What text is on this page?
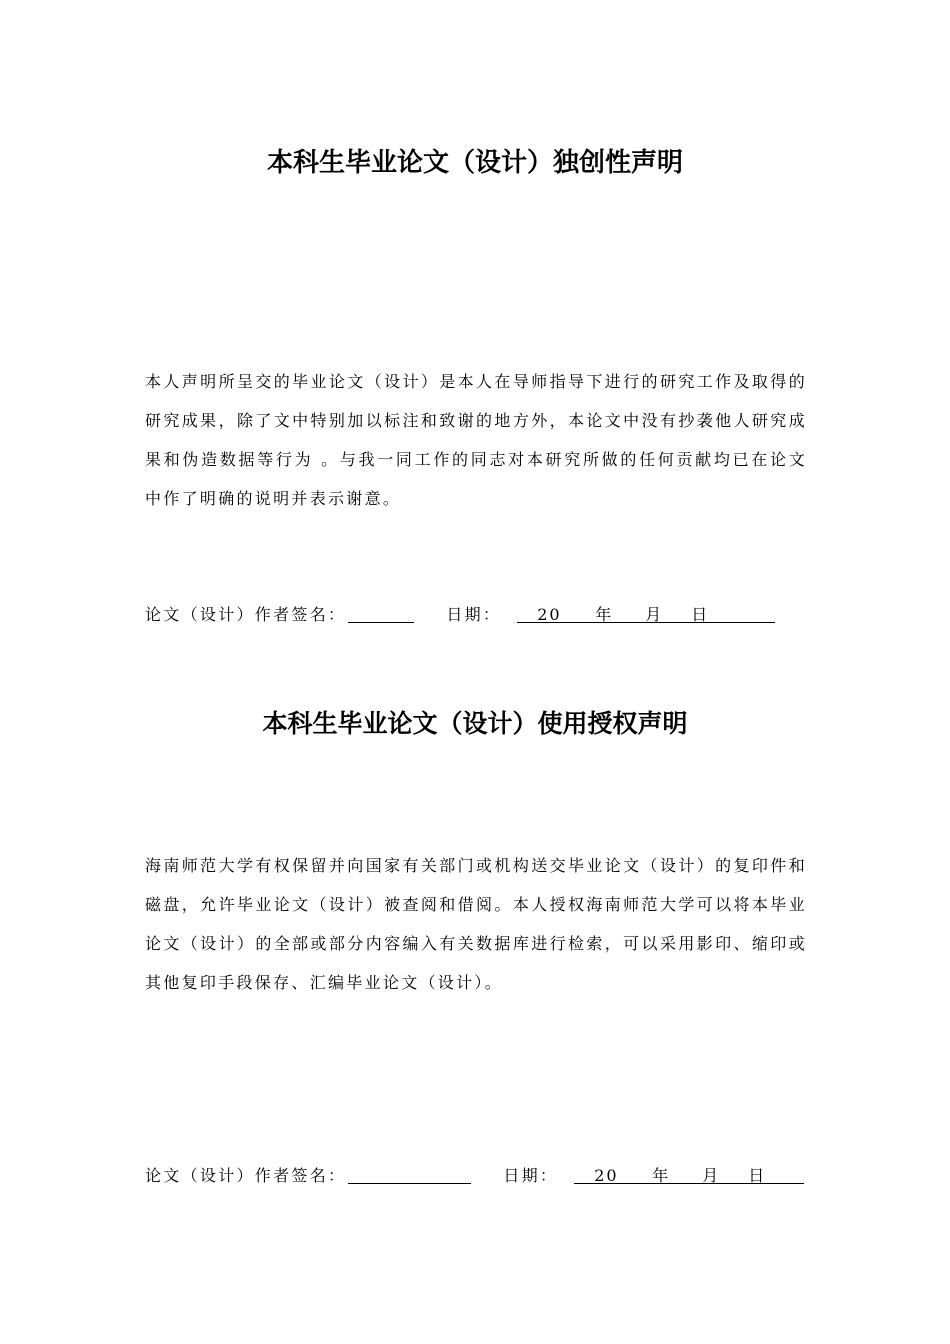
本科生毕业论文（设计）独创性声明

本人声明所呈交的毕业论文（设计）是本人在导师指导下进行的研究工作及取得的研究成果，除了文中特别加以标注和致谢的地方外，本论文中没有抄袭他人研究成果和伪造数据等行为 。与我一同工作的同志对本研究所做的任何贡献均已在论文中作了明确的说明并表示谢意。

论文（设计）作者签名：	日期： 20 年 月 日
本科生毕业论文（设计）使用授权声明

海南师范大学有权保留并向国家有关部门或机构送交毕业论文（设计）的复印件和磁盘，允许毕业论文（设计）被查阅和借阅。本人授权海南师范大学可以将本毕业论文（设计）的全部或部分内容编入有关数据库进行检索，可以采用影印、缩印或其他复印手段保存、汇编毕业论文（设计）。

论文（设计）作者签名：	日期： 20 年 月 日
